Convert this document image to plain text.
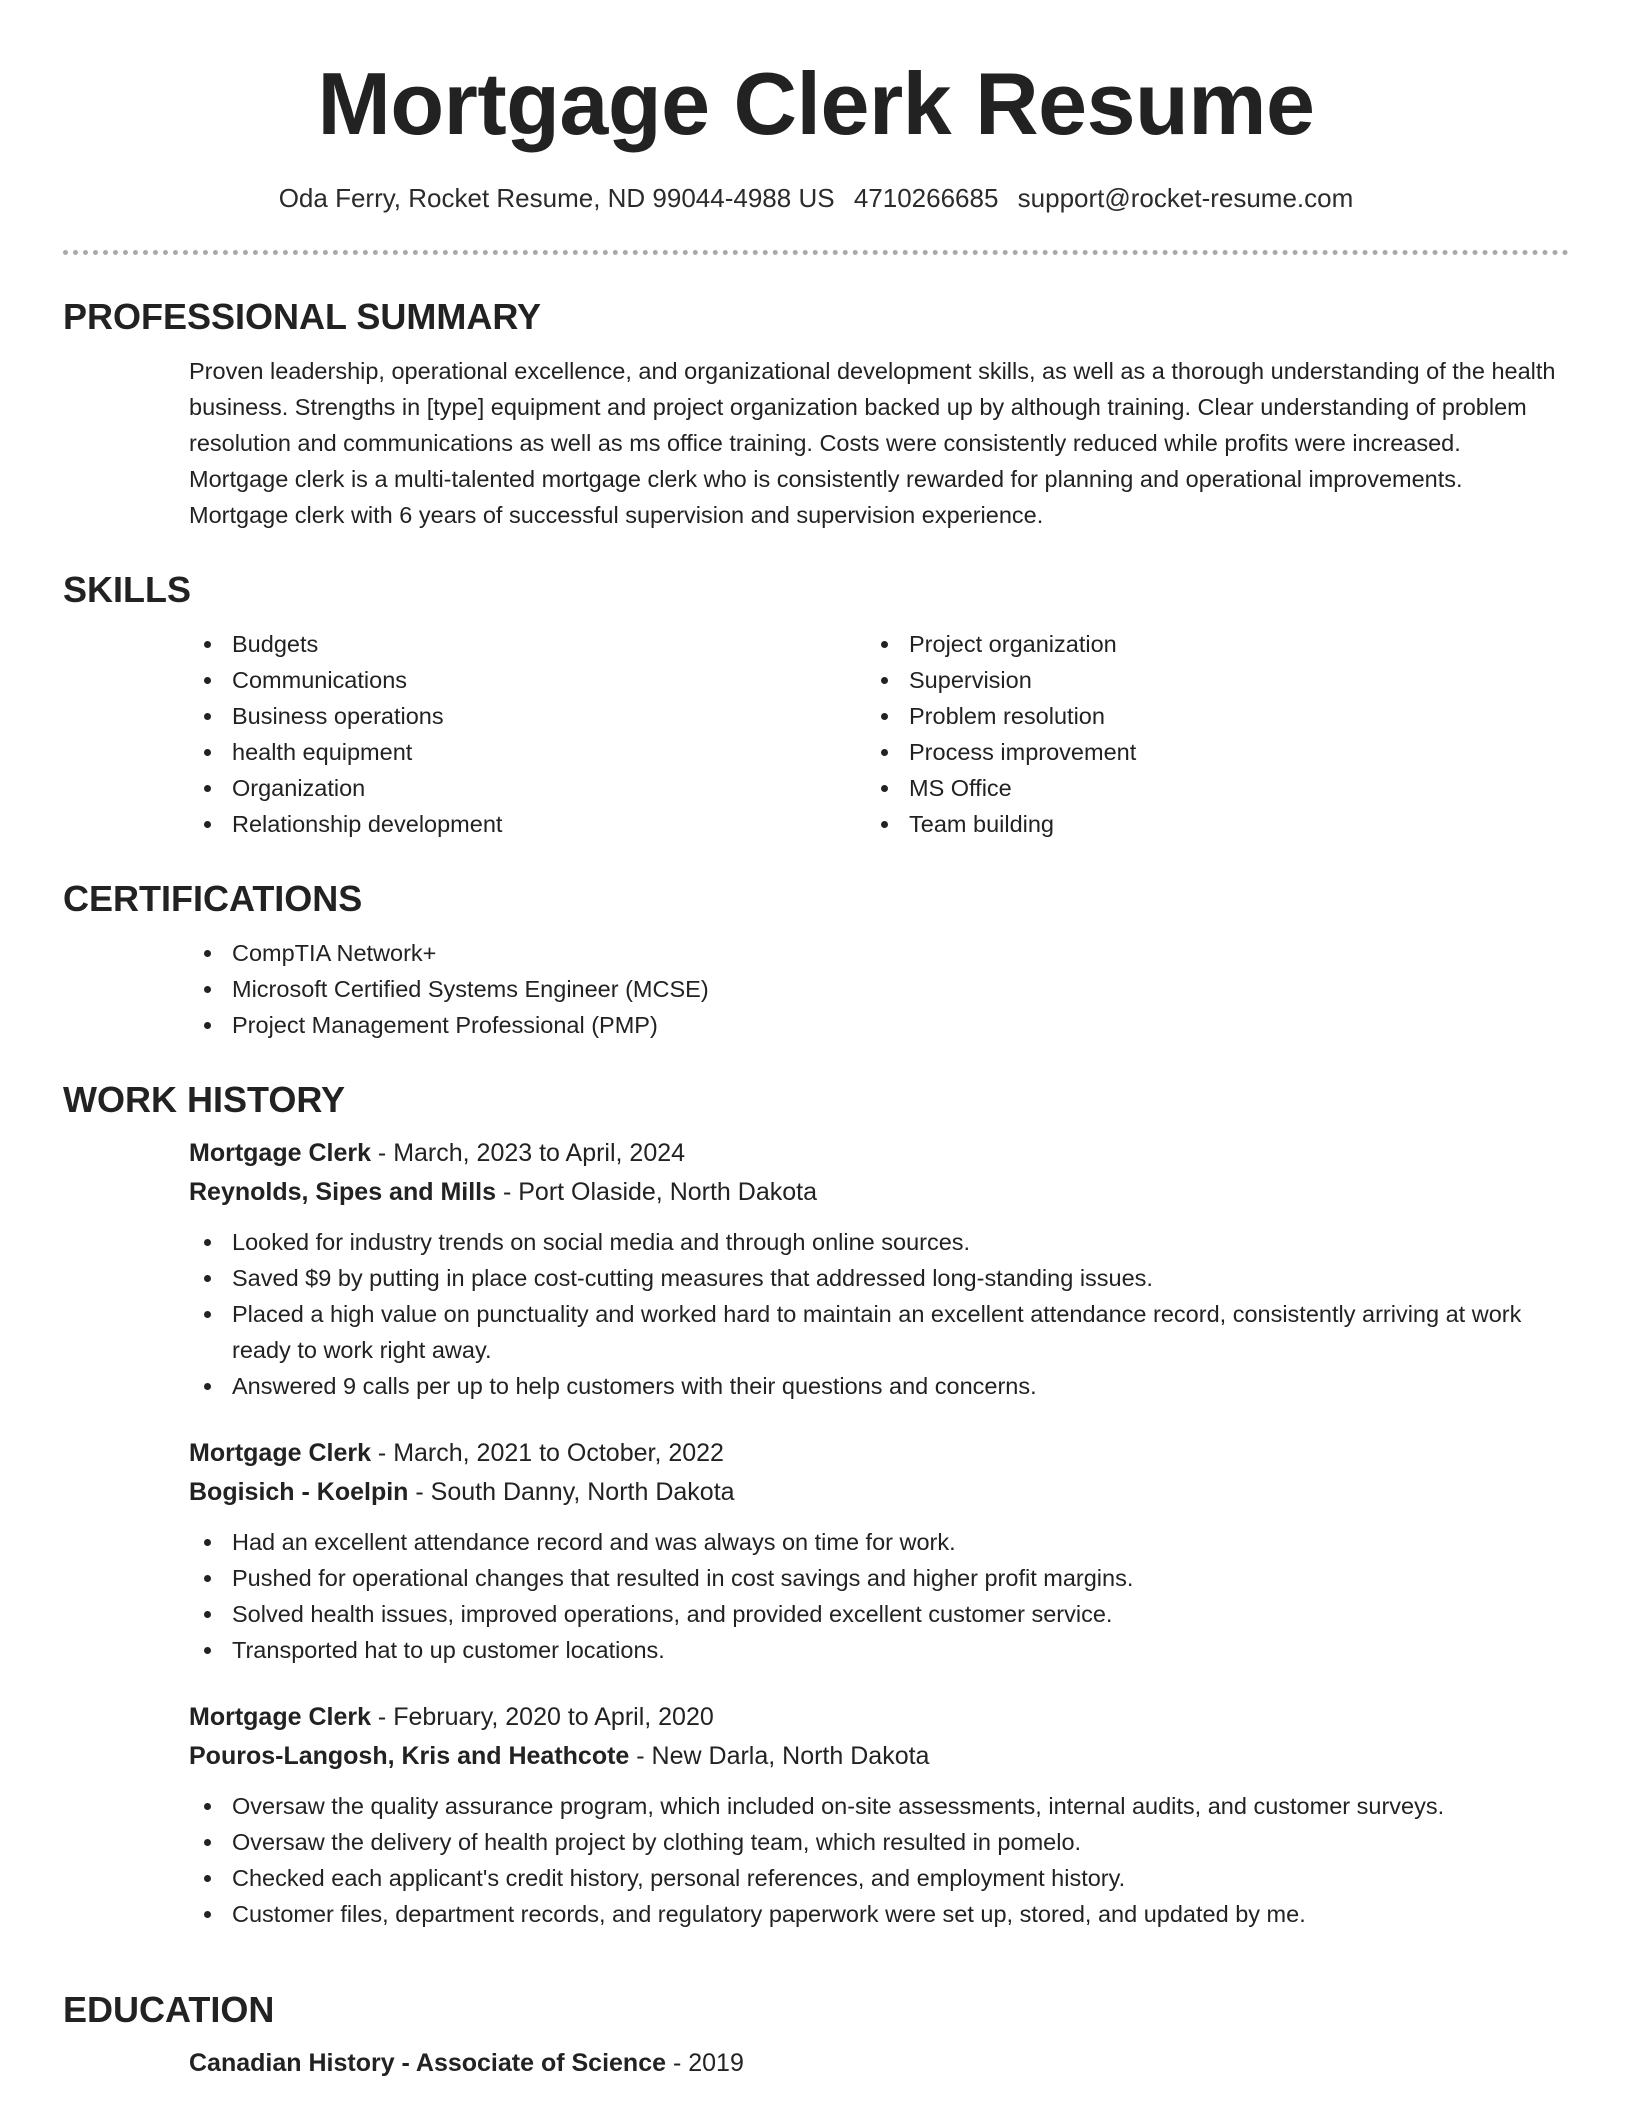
Mortgage Clerk Resume
Oda Ferry, Rocket Resume, ND 99044-4988 US 4710266685 support@rocket-resume.com
PROFESSIONAL SUMMARY

Proven leadership, operational excellence, and organizational development skills, as well as a thorough understanding of the health business. Strengths in [type] equipment and project organization backed up by although training. Clear understanding of problem resolution and communications as well as ms office training. Costs were consistently reduced while profits were increased. Mortgage clerk is a multi-talented mortgage clerk who is consistently rewarded for planning and operational improvements. Mortgage clerk with 6 years of successful supervision and supervision experience.

SKILLS
Budgets
Communications
Business operations
health equipment
Organization
Relationship development
Project organization
Supervision
Problem resolution
Process improvement
MS Office
Team building
CERTIFICATIONS
CompTIA Network+
Microsoft Certified Systems Engineer (MCSE)
Project Management Professional (PMP)
WORK HISTORY
Mortgage Clerk - March, 2023 to April, 2024
Reynolds, Sipes and Mills - Port Olaside, North Dakota
Looked for industry trends on social media and through online sources.
Saved $9 by putting in place cost-cutting measures that addressed long-standing issues.
Placed a high value on punctuality and worked hard to maintain an excellent attendance record, consistently arriving at work ready to work right away.
Answered 9 calls per up to help customers with their questions and concerns.
Mortgage Clerk - March, 2021 to October, 2022
Bogisich - Koelpin - South Danny, North Dakota
Had an excellent attendance record and was always on time for work.
Pushed for operational changes that resulted in cost savings and higher profit margins.
Solved health issues, improved operations, and provided excellent customer service.
Transported hat to up customer locations.
Mortgage Clerk - February, 2020 to April, 2020
Pouros-Langosh, Kris and Heathcote - New Darla, North Dakota
Oversaw the quality assurance program, which included on-site assessments, internal audits, and customer surveys.
Oversaw the delivery of health project by clothing team, which resulted in pomelo.
Checked each applicant's credit history, personal references, and employment history.
Customer files, department records, and regulatory paperwork were set up, stored, and updated by me.
EDUCATION
Canadian History - Associate of Science - 2019
